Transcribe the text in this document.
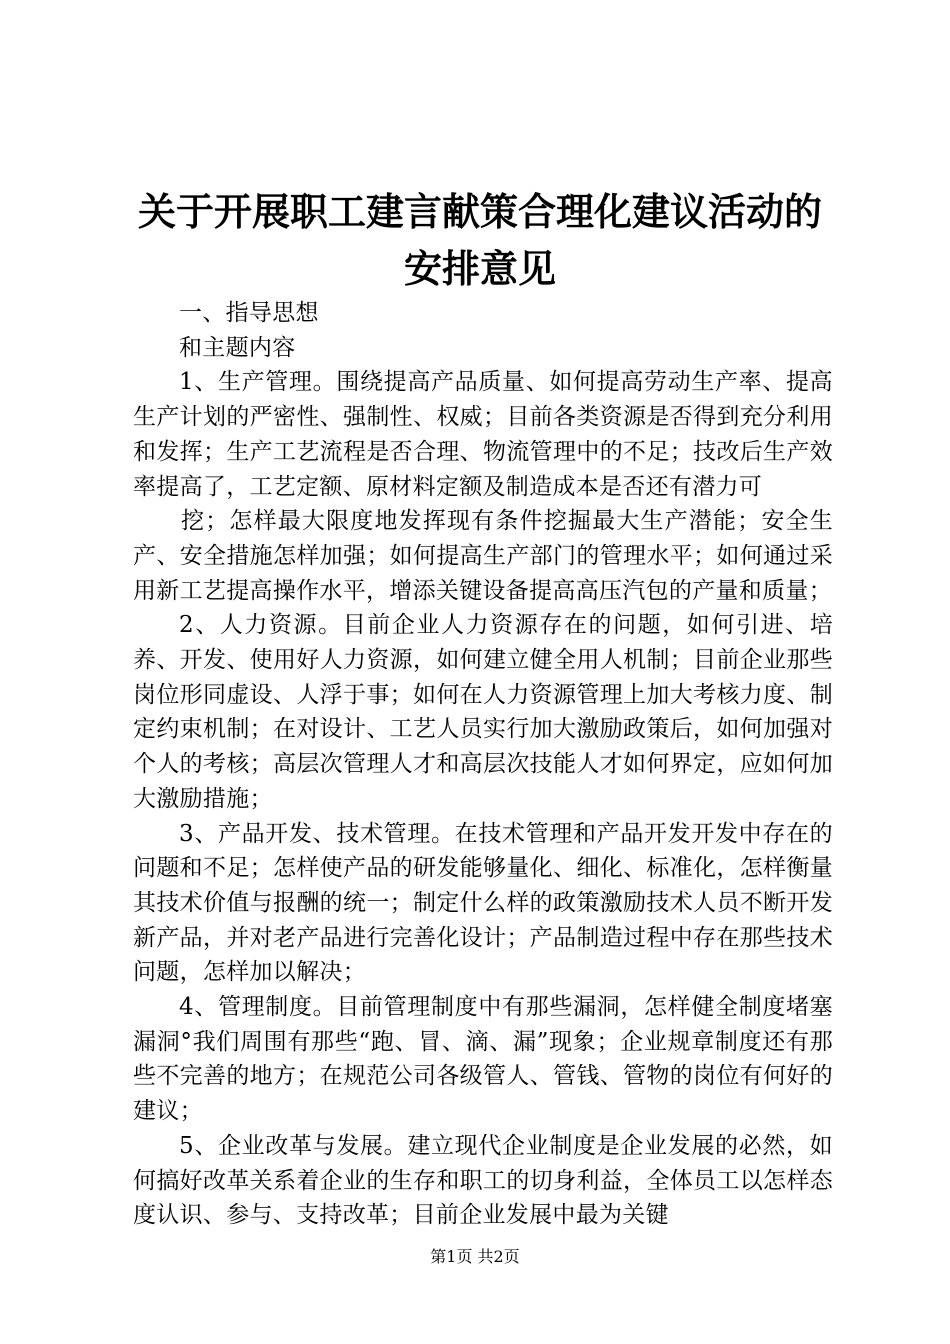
关于开展职工建言献策合理化建议活动的安排意见

一、指导思想

和主题内容

1、生产管理。围绕提高产品质量、如何提高劳动生产率、提高生产计划的严密性、强制性、权威；目前各类资源是否得到充分利用和发挥；生产工艺流程是否合理、物流管理中的不足；技改后生产效率提高了，工艺定额、原材料定额及制造成本是否还有潜力可

挖；怎样最大限度地发挥现有条件挖掘最大生产潜能；安全生产、安全措施怎样加强；如何提高生产部门的管理水平；如何通过采用新工艺提高操作水平，增添关键设备提高高压汽包的产量和质量；

2、人力资源。目前企业人力资源存在的问题，如何引进、培养、开发、使用好人力资源，如何建立健全用人机制；目前企业那些岗位形同虚设、人浮于事；如何在人力资源管理上加大考核力度、制定约束机制；在对设计、工艺人员实行加大激励政策后，如何加强对个人的考核；高层次管理人才和高层次技能人才如何界定，应如何加大激励措施；

3、产品开发、技术管理。在技术管理和产品开发开发中存在的问题和不足；怎样使产品的研发能够量化、细化、标准化，怎样衡量其技术价值与报酬的统一；制定什么样的政策激励技术人员不断开发新产品，并对老产品进行完善化设计；产品制造过程中存在那些技术问题，怎样加以解决；

4、管理制度。目前管理制度中有那些漏洞，怎样健全制度堵塞漏洞°我们周围有那些“跑、冒、滴、漏”现象；企业规章制度还有那些不完善的地方；在规范公司各级管人、管钱、管物的岗位有何好的建议；

5、企业改革与发展。建立现代企业制度是企业发展的必然，如何搞好改革关系着企业的生存和职工的切身利益，全体员工以怎样态度认识、参与、支持改革；目前企业发展中最为关键

第1页 共2页
